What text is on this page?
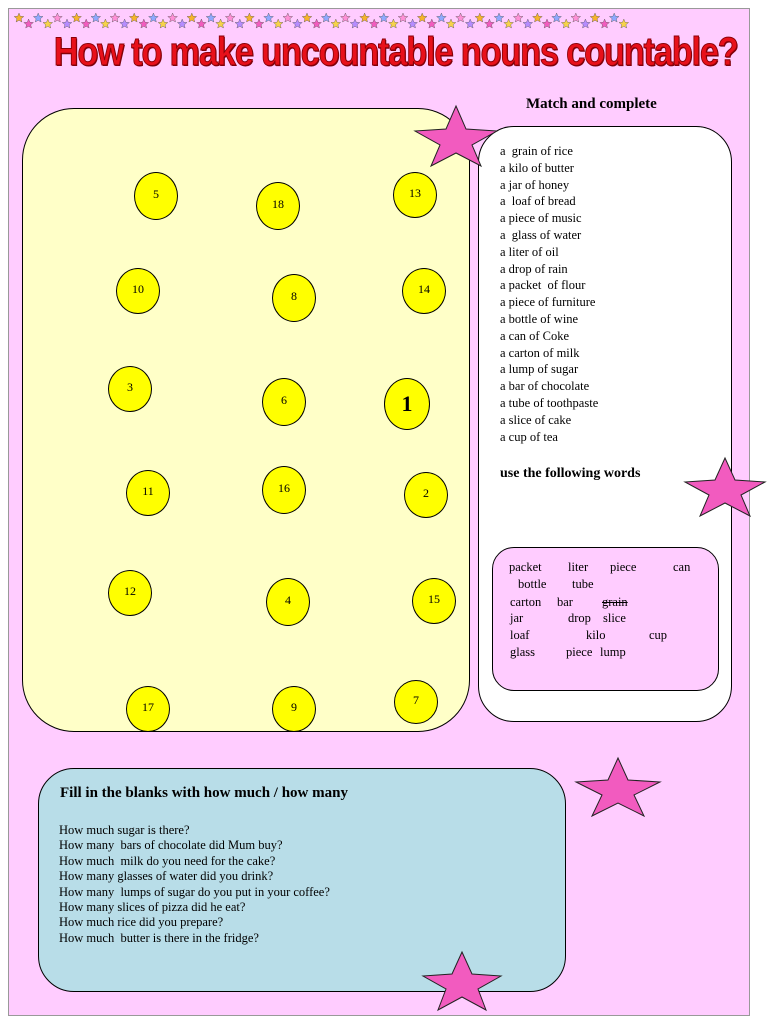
How to make uncountable nouns countable?
5
18
13
10	8	14
3
6	1
11	16	2
12
4	15
17	9	7
Match and complete
a  grain of rice
a kilo of butter
a jar of honey
a  loaf of bread
a piece of music
a  glass of water
a liter of oil
a drop of rain
a packet  of flour
a piece of furniture
a bottle of wine
a can of Coke
a carton of milk
a lump of sugar
a bar of chocolate
a tube of toothpaste
a slice of cake
a cup of tea
use the following words
packet liter piece	can
bottle tube
carton bar grain
jar	drop slice
loaf	kilo	cup
glass piece lump
Fill in the blanks with how much / how many
How much sugar is there?
How many  bars of chocolate did Mum buy?
How much  milk do you need for the cake?
How many glasses of water did you drink?
How many  lumps of sugar do you put in your coffee?
How many slices of pizza did he eat?
How much rice did you prepare?
How much  butter is there in the fridge?
